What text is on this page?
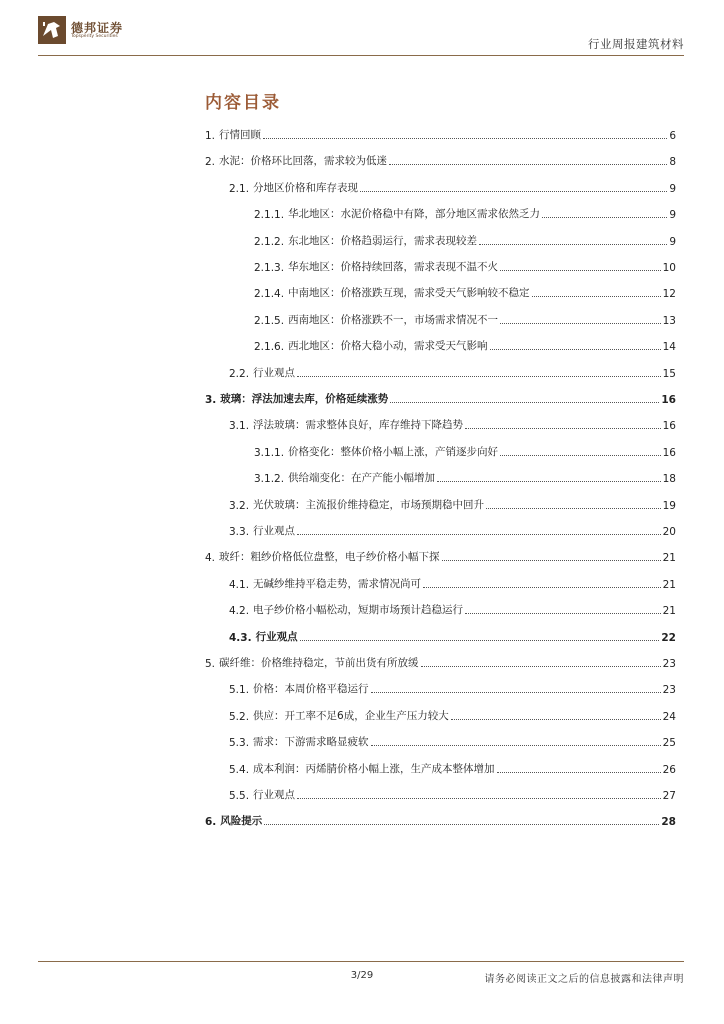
德邦证券
Topsperity Securities
行业周报建筑材料
内容目录
1. 行情回顾	6
2. 水泥：价格环比回落，需求较为低迷	8
2.1. 分地区价格和库存表现	9
2.1.1. 华北地区：水泥价格稳中有降，部分地区需求依然乏力	9
2.1.2. 东北地区：价格趋弱运行，需求表现较差	9
2.1.3. 华东地区：价格持续回落，需求表现不温不火	10
2.1.4. 中南地区：价格涨跌互现，需求受天气影响较不稳定	12
2.1.5. 西南地区：价格涨跌不一，市场需求情况不一	13
2.1.6. 西北地区：价格大稳小动，需求受天气影响	14
2.2. 行业观点	15
3. 玻璃：浮法加速去库，价格延续涨势	16
3.1. 浮法玻璃：需求整体良好，库存维持下降趋势	16
3.1.1. 价格变化：整体价格小幅上涨，产销逐步向好	16
3.1.2. 供给端变化：在产产能小幅增加	18
3.2. 光伏玻璃：主流报价维持稳定，市场预期稳中回升	19
3.3. 行业观点	20
4. 玻纤：粗纱价格低位盘整，电子纱价格小幅下探	21
4.1. 无碱纱维持平稳走势，需求情况尚可	21
4.2. 电子纱价格小幅松动，短期市场预计趋稳运行	21
4.3. 行业观点	22
5. 碳纤维：价格维持稳定，节前出货有所放缓	23
5.1. 价格：本周价格平稳运行	23
5.2. 供应：开工率不足6成，企业生产压力较大	24
5.3. 需求：下游需求略显疲软	25
5.4. 成本利润：丙烯腈价格小幅上涨，生产成本整体增加	26
5.5. 行业观点	27
6. 风险提示	28
3/29	请务必阅读正文之后的信息披露和法律声明
